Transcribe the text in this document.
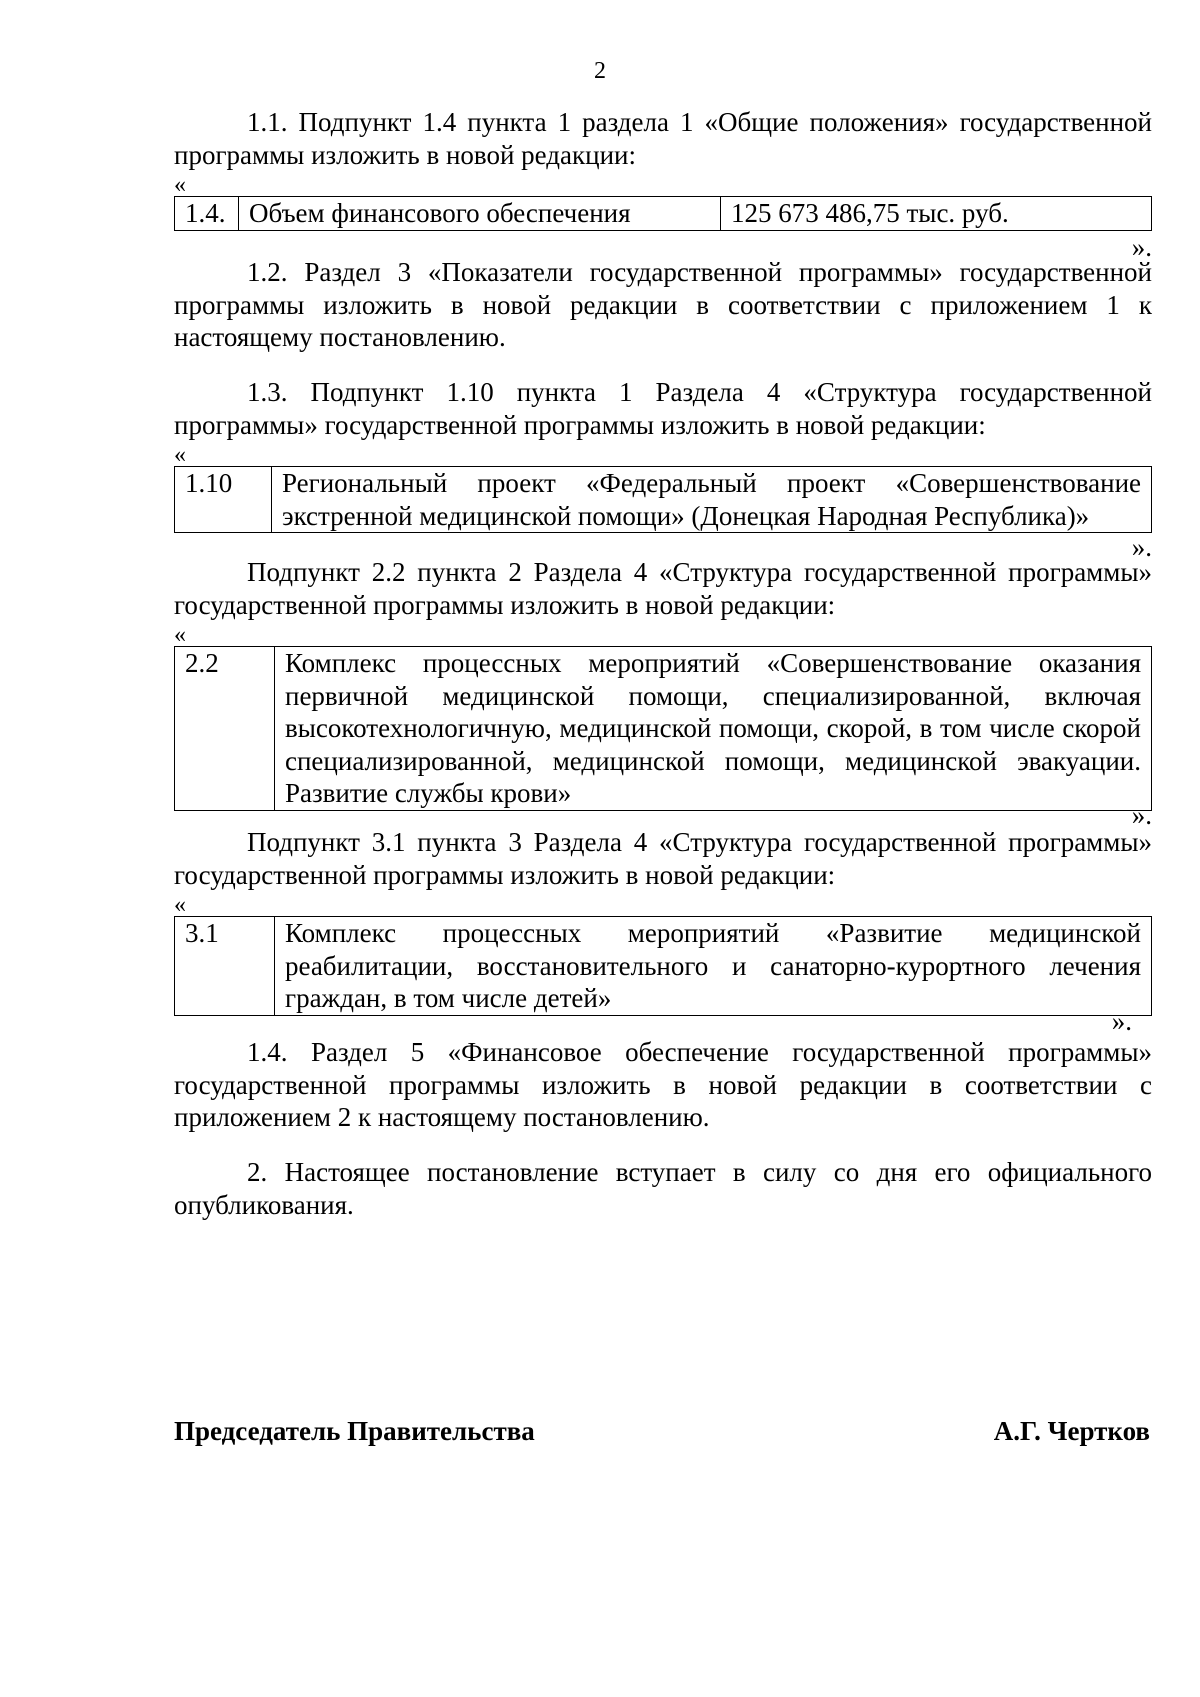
2

1.1. Подпункт 1.4 пункта 1 раздела 1 «Общие положения» государственной программы изложить в новой редакции:

«
1.4.	Объем финансового обеспечения	125 673 486,75 тыс. руб.
».

1.2. Раздел 3 «Показатели государственной программы» государственной программы изложить в новой редакции в соответствии с приложением 1 к настоящему постановлению.

1.3. Подпункт 1.10 пункта 1 Раздела 4 «Структура государственной программы» государственной программы изложить в новой редакции:

«
1.10	Региональный проект «Федеральный проект «Совершенствование экстренной медицинской помощи» (Донецкая Народная Республика)»
».

Подпункт 2.2 пункта 2 Раздела 4 «Структура государственной программы» государственной программы изложить в новой редакции:

«
2.2	Комплекс процессных мероприятий «Совершенствование оказания первичной медицинской помощи, специализированной, включая высокотехнологичную, медицинской помощи, скорой, в том числе скорой специализированной, медицинской помощи, медицинской эвакуации. Развитие службы крови»
».

Подпункт 3.1 пункта 3 Раздела 4 «Структура государственной программы» государственной программы изложить в новой редакции:

«
3.1	Комплекс процессных мероприятий «Развитие медицинской реабилитации, восстановительного и санаторно-курортного лечения граждан, в том числе детей»
».

1.4. Раздел 5 «Финансовое обеспечение государственной программы» государственной программы изложить в новой редакции в соответствии с приложением 2 к настоящему постановлению.

2. Настоящее постановление вступает в силу со дня его официального опубликования.

Председатель Правительства	А.Г. Чертков
